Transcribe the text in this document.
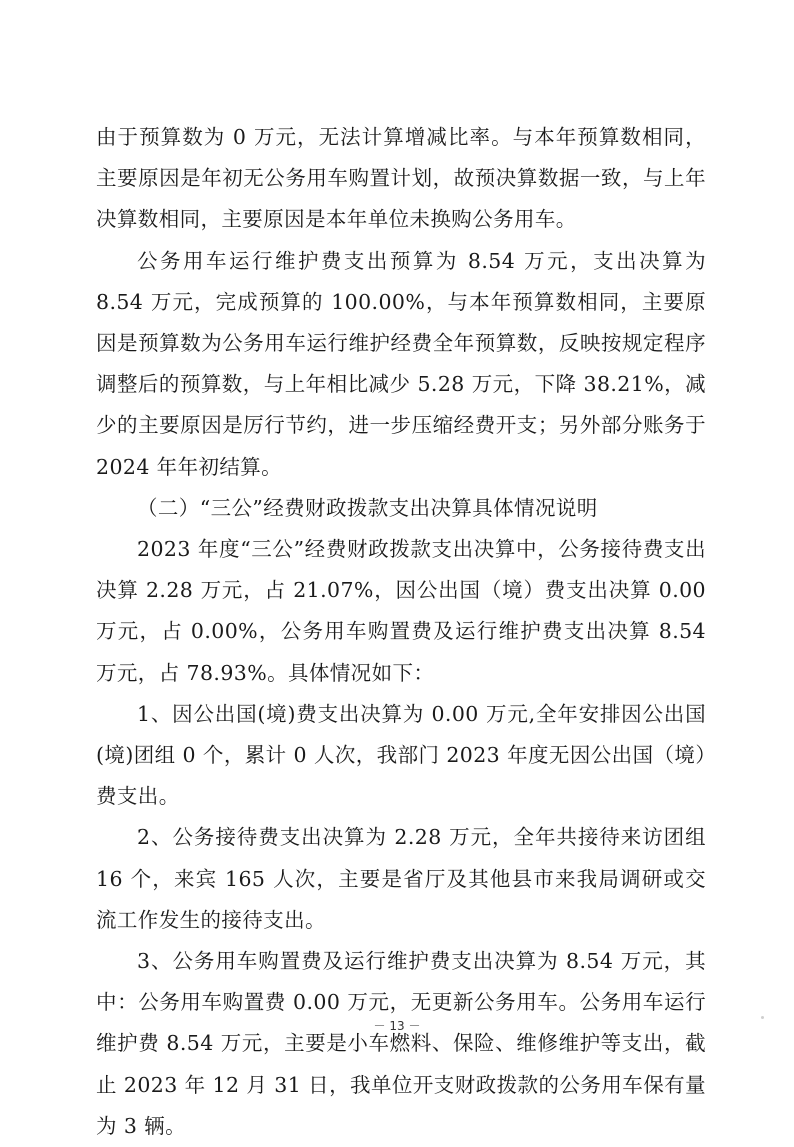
由于预算数为 0 万元，无法计算增减比率。与本年预算数相同，主要原因是年初无公务用车购置计划，故预决算数据一致，与上年决算数相同，主要原因是本年单位未换购公务用车。

公务用车运行维护费支出预算为 8.54 万元，支出决算为 8.54 万元，完成预算的 100.00%，与本年预算数相同，主要原因是预算数为公务用车运行维护经费全年预算数，反映按规定程序调整后的预算数，与上年相比减少 5.28 万元，下降 38.21%，减少的主要原因是厉行节约，进一步压缩经费开支；另外部分账务于 2024 年年初结算。

（二）“三公”经费财政拨款支出决算具体情况说明

2023 年度“三公”经费财政拨款支出决算中，公务接待费支出决算 2.28 万元，占 21.07%，因公出国（境）费支出决算 0.00 万元，占 0.00%，公务用车购置费及运行维护费支出决算 8.54 万元，占 78.93%。具体情况如下：

1、因公出国(境)费支出决算为 0.00 万元,全年安排因公出国(境)团组 0 个，累计 0 人次，我部门 2023 年度无因公出国（境）费支出。

2、公务接待费支出决算为 2.28 万元，全年共接待来访团组 16 个，来宾 165 人次，主要是省厅及其他县市来我局调研或交流工作发生的接待支出。

3、公务用车购置费及运行维护费支出决算为 8.54 万元，其中：公务用车购置费 0.00 万元，无更新公务用车。公务用车运行维护费 8.54 万元，主要是小车燃料、保险、维修维护等支出，截止 2023 年 12 月 31 日，我单位开支财政拨款的公务用车保有量为 3 辆。

－ 13 －
